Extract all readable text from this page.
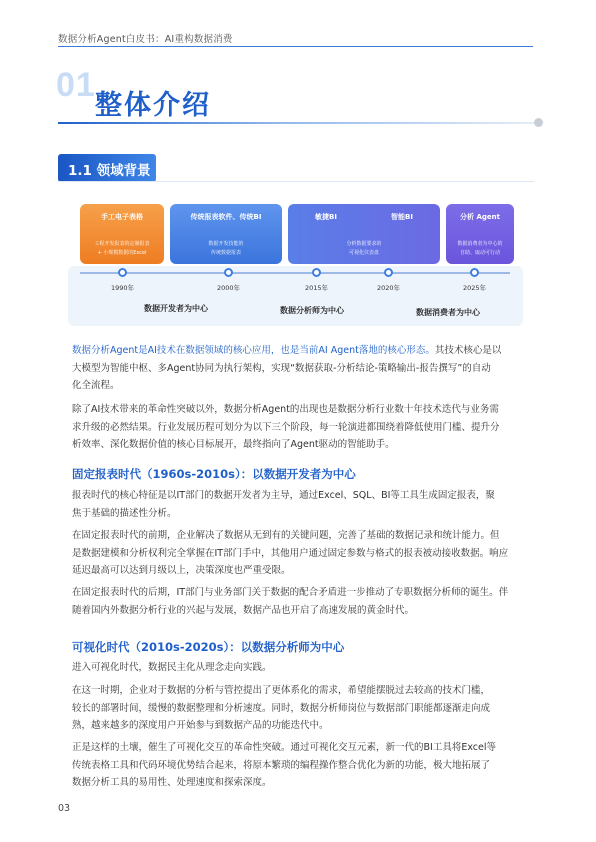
数据分析Agent白皮书：AI重构数据消费
01
整体介绍
1.1 领域背景
手工电子表格
工程开发报表的定制报表
+ 小规模数据的Excel
传统报表软件、传统BI
数据开发技能的
传统数据报表
敏捷BI	智能BI
分析数据要求的
可视化仪表盘
分析 Agent
数据消费者为中心的
自助、取动可行动
1990年	2000年	2015年	2020年	2025年
数据开发者为中心	数据分析师为中心	数据消费者为中心
数据分析Agent是AI技术在数据领域的核心应用，也是当前AI Agent落地的核心形态。其技术核心是以
大模型为智能中枢、多Agent协同为执行架构，实现“数据获取-分析结论-策略输出-报告撰写”的自动
化全流程。
除了AI技术带来的革命性突破以外，数据分析Agent的出现也是数据分析行业数十年技术迭代与业务需
求升级的必然结果。行业发展历程可划分为以下三个阶段，每一轮演进都围绕着降低使用门槛、提升分
析效率、深化数据价值的核心目标展开，最终指向了Agent驱动的智能助手。
固定报表时代（1960s-2010s）：以数据开发者为中心
报表时代的核心特征是以IT部门的数据开发者为主导，通过Excel、SQL、BI等工具生成固定报表，聚
焦于基础的描述性分析。
在固定报表时代的前期，企业解决了数据从无到有的关键问题，完善了基础的数据记录和统计能力。但
是数据建模和分析权利完全掌握在IT部门手中，其他用户通过固定参数与格式的报表被动接收数据。响应
延迟最高可以达到月级以上，决策深度也严重受限。
在固定报表时代的后期，IT部门与业务部门关于数据的配合矛盾进一步推动了专职数据分析师的诞生。伴
随着国内外数据分析行业的兴起与发展，数据产品也开启了高速发展的黄金时代。
可视化时代（2010s-2020s）：以数据分析师为中心
进入可视化时代，数据民主化从理念走向实践。
在这一时期，企业对于数据的分析与管控提出了更体系化的需求，希望能摆脱过去较高的技术门槛，
较长的部署时间，缓慢的数据整理和分析速度。同时，数据分析师岗位与数据部门职能都逐渐走向成
熟，越来越多的深度用户开始参与到数据产品的功能迭代中。
正是这样的土壤，催生了可视化交互的革命性突破。通过可视化交互元素，新一代的BI工具将Excel等
传统表格工具和代码环境优势结合起来，将原本繁琐的编程操作整合优化为新的功能，极大地拓展了
数据分析工具的易用性、处理速度和探索深度。
03
